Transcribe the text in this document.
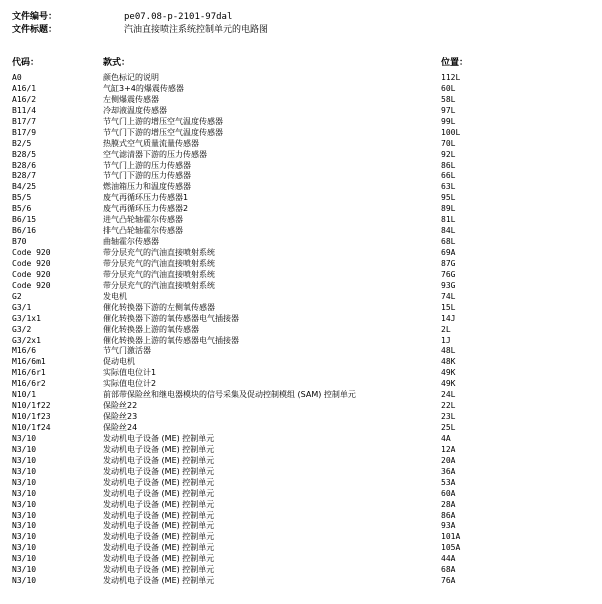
文件编号：	pe07.08-p-2101-97dal
文件标题：	汽油直接喷注系统控制单元的电路图
代码：	款式：	位置：
A0	颜色标记的说明	112L
A16/1	气缸3+4的爆震传感器	60L
A16/2	左侧爆震传感器	58L
B11/4	冷却液温度传感器	97L
B17/7	节气门上游的增压空气温度传感器	99L
B17/9	节气门下游的增压空气温度传感器	100L
B2/5	热膜式空气质量流量传感器	70L
B28/5	空气滤清器下游的压力传感器	92L
B28/6	节气门上游的压力传感器	86L
B28/7	节气门下游的压力传感器	66L
B4/25	燃油箱压力和温度传感器	63L
B5/5	废气再循环压力传感器1	95L
B5/6	废气再循环压力传感器2	89L
B6/15	进气凸轮轴霍尔传感器	81L
B6/16	排气凸轮轴霍尔传感器	84L
B70	曲轴霍尔传感器	68L
Code 920	带分层充气的汽油直接喷射系统	69A
Code 920	带分层充气的汽油直接喷射系统	87G
Code 920	带分层充气的汽油直接喷射系统	76G
Code 920	带分层充气的汽油直接喷射系统	93G
G2	发电机	74L
G3/1	催化转换器下游的左侧氧传感器	15L
G3/1x1	催化转换器下游的氧传感器电气插接器	14J
G3/2	催化转换器上游的氧传感器	2L
G3/2x1	催化转换器上游的氧传感器电气插接器	1J
M16/6	节气门激活器	48L
M16/6m1	促动电机	48K
M16/6r1	实际值电位计1	49K
M16/6r2	实际值电位计2	49K
N10/1	前部带保险丝和继电器模块的信号采集及促动控制模组 (SAM) 控制单元	24L
N10/1f22	保险丝22	22L
N10/1f23	保险丝23	23L
N10/1f24	保险丝24	25L
N3/10	发动机电子设备 (ME) 控制单元	4A
N3/10	发动机电子设备 (ME) 控制单元	12A
N3/10	发动机电子设备 (ME) 控制单元	20A
N3/10	发动机电子设备 (ME) 控制单元	36A
N3/10	发动机电子设备 (ME) 控制单元	53A
N3/10	发动机电子设备 (ME) 控制单元	60A
N3/10	发动机电子设备 (ME) 控制单元	28A
N3/10	发动机电子设备 (ME) 控制单元	86A
N3/10	发动机电子设备 (ME) 控制单元	93A
N3/10	发动机电子设备 (ME) 控制单元	101A
N3/10	发动机电子设备 (ME) 控制单元	105A
N3/10	发动机电子设备 (ME) 控制单元	44A
N3/10	发动机电子设备 (ME) 控制单元	68A
N3/10	发动机电子设备 (ME) 控制单元	76A
